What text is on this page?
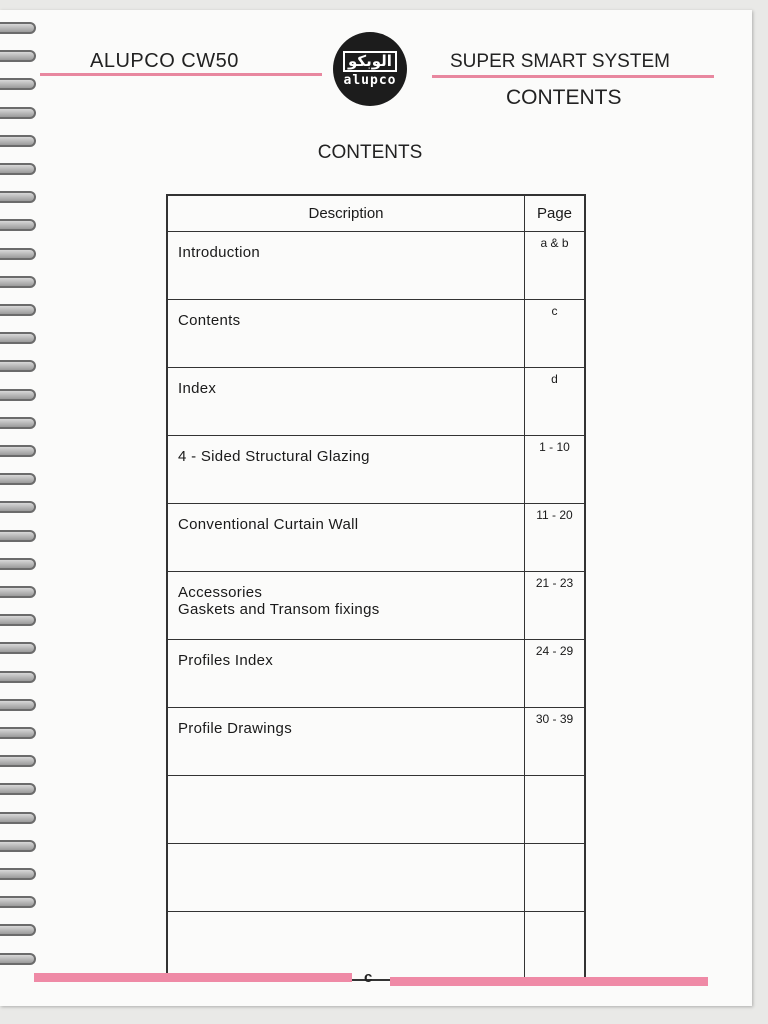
ALUPCO CW50	الوبكو
alupco
SUPER SMART SYSTEM
CONTENTS
CONTENTS
Description	Page

Introduction	a & b

Contents	c

Index	d

4 - Sided Structural Glazing	1 - 10

Conventional Curtain Wall	11 - 20

Accessories
Gaskets and Transom fixings	21 - 23

Profiles Index	24 - 29

Profile Drawings	30 - 39

c
